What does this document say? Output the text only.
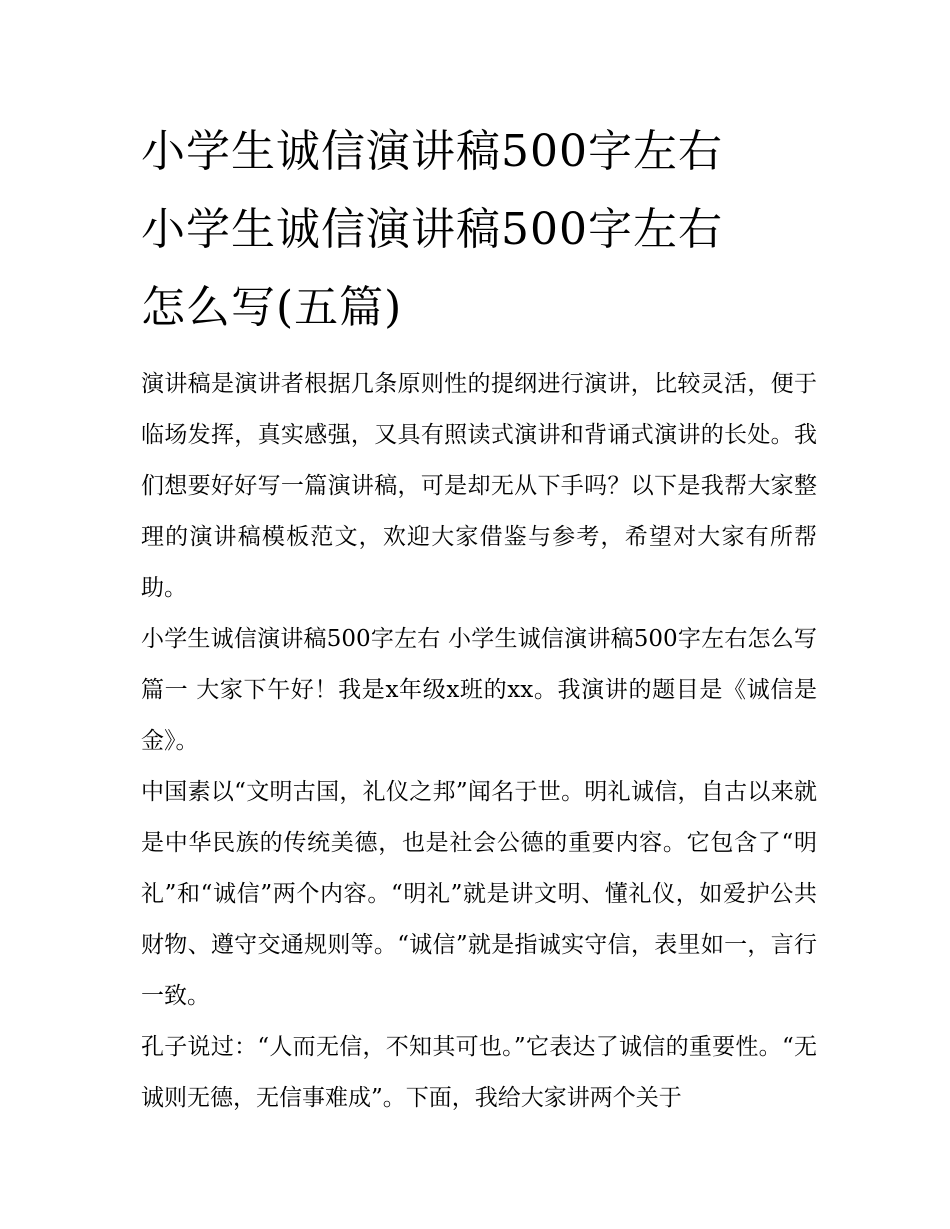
小学生诚信演讲稿500字左右
小学生诚信演讲稿500字左右
怎么写(五篇)

演讲稿是演讲者根据几条原则性的提纲进行演讲，比较灵活，便于临场发挥，真实感强，又具有照读式演讲和背诵式演讲的长处。我们想要好好写一篇演讲稿，可是却无从下手吗？以下是我帮大家整理的演讲稿模板范文，欢迎大家借鉴与参考，希望对大家有所帮助。

小学生诚信演讲稿500字左右 小学生诚信演讲稿500字左右怎么写篇一 大家下午好！我是x年级x班的xx。我演讲的题目是《诚信是金》。

中国素以“文明古国，礼仪之邦”闻名于世。明礼诚信，自古以来就是中华民族的传统美德，也是社会公德的重要内容。它包含了“明礼”和“诚信”两个内容。“明礼”就是讲文明、懂礼仪，如爱护公共财物、遵守交通规则等。“诚信”就是指诚实守信，表里如一，言行一致。

孔子说过：“人而无信，不知其可也。”它表达了诚信的重要性。“无诚则无德，无信事难成”。下面，我给大家讲两个关于
